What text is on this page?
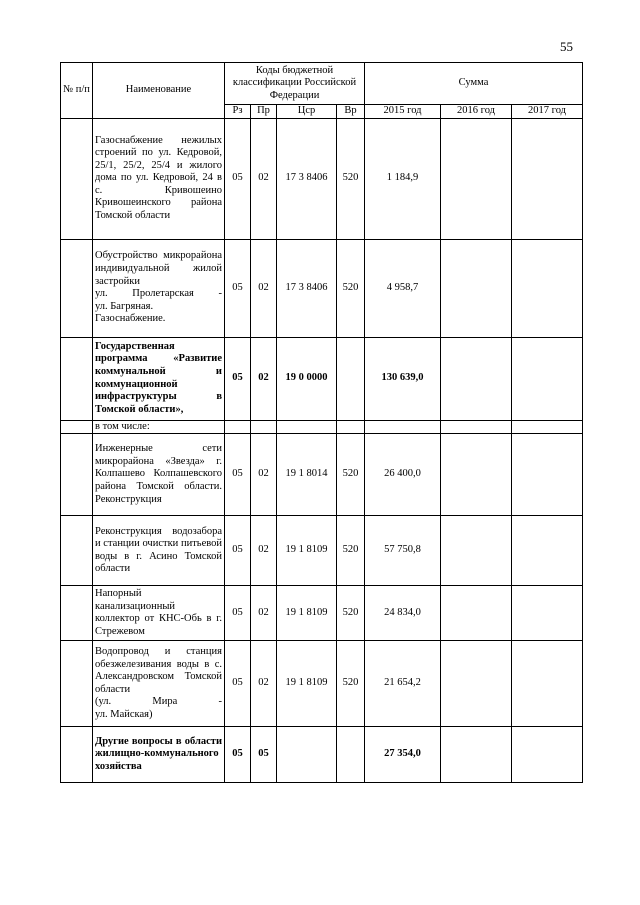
55
№ п/п	Наименование	Коды бюджетной классификации Российской Федерации				Сумма		
		Рз	Пр	Цср	Вр	2015 год	2016 год	2017 год
	Газоснабжение нежилых строений по ул. Кедровой, 25/1, 25/2, 25/4 и жилого дома по ул. Кедровой, 24 в с. Кривошеино Кривошеинского района Томской области	05	02	17 3 8406	520	1 184,9		

	Обустройство микрорайона индивидуальной жилой застройки
ул. Пролетарская -
ул. Багряная.
Газоснабжение.	05	02	17 3 8406	520	4 958,7		
	Государственная программа «Развитие коммунальной и коммунационной инфраструктуры в Томской области»,	05	02	19 0 0000		130 639,0		
	в том числе:							
	Инженерные сети микрорайона «Звезда» г. Колпашево Колпашевского района Томской области. Реконструкция	05	02	19 1 8014	520	26 400,0		
	Реконструкция водозабора и станции очистки питьевой воды в г. Асино Томской области	05	02	19 1 8109	520	57 750,8		
	Напорный канализационный коллектор от КНС-Обь в г. Стрежевом	05	02	19 1 8109	520	24 834,0		

	Водопровод и станция обезжелезивания воды в с. Александровском Томской области
(ул. Мира -
ул. Майская)	05	02	19 1 8109	520	21 654,2		
	Другие вопросы в области жилищно-коммунального хозяйства	05	05			27 354,0		
